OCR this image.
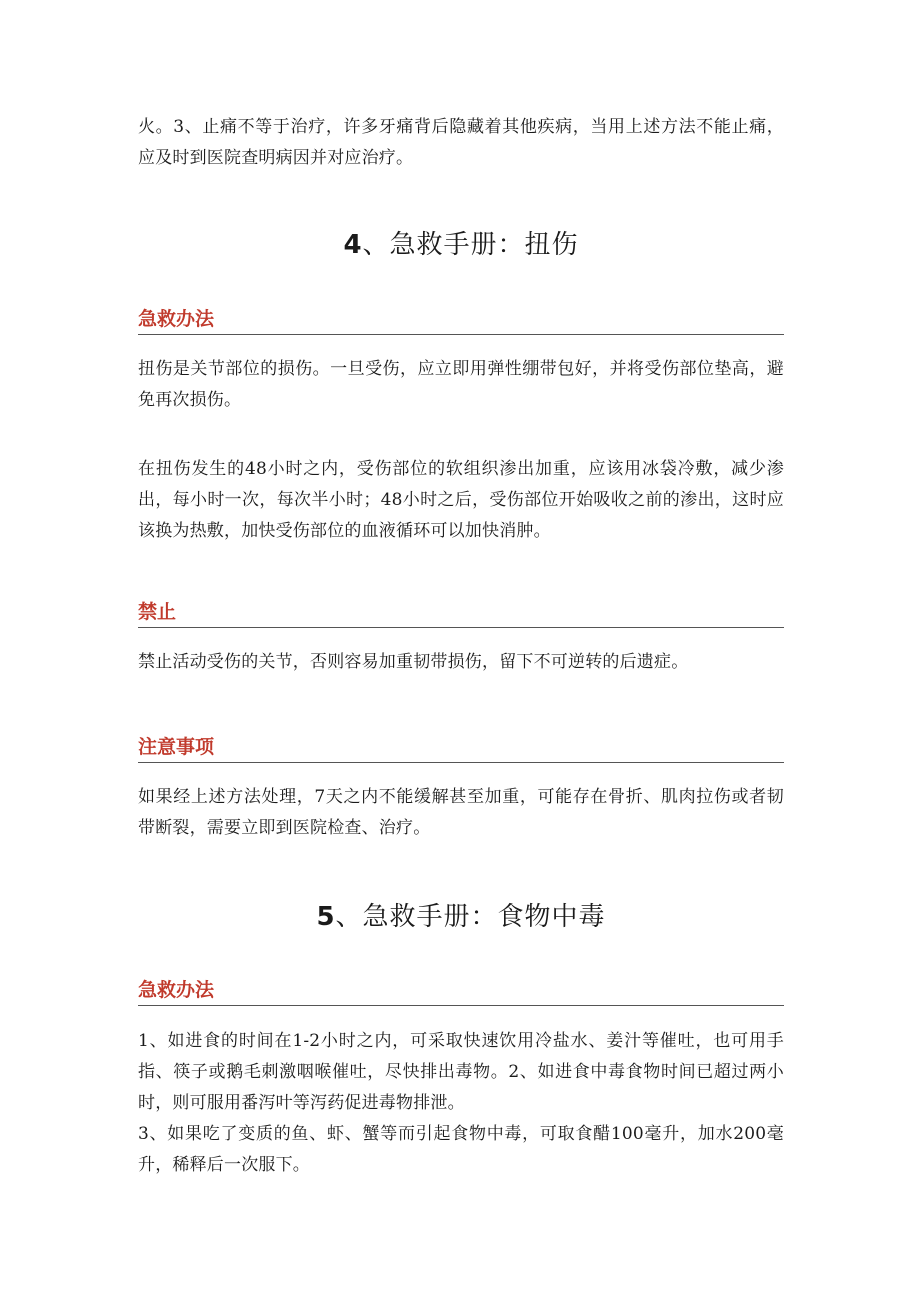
火。3、止痛不等于治疗，许多牙痛背后隐藏着其他疾病，当用上述方法不能止痛，应及时到医院查明病因并对应治疗。

4、急救手册：扭伤
急救办法

扭伤是关节部位的损伤。一旦受伤，应立即用弹性绷带包好，并将受伤部位垫高，避免再次损伤。

在扭伤发生的48小时之内，受伤部位的软组织渗出加重，应该用冰袋冷敷，减少渗出，每小时一次，每次半小时；48小时之后，受伤部位开始吸收之前的渗出，这时应该换为热敷，加快受伤部位的血液循环可以加快消肿。

禁止

禁止活动受伤的关节，否则容易加重韧带损伤，留下不可逆转的后遗症。

注意事项

如果经上述方法处理，7天之内不能缓解甚至加重，可能存在骨折、肌肉拉伤或者韧带断裂，需要立即到医院检查、治疗。

5、急救手册：食物中毒
急救办法

1、如进食的时间在1-2小时之内，可采取快速饮用冷盐水、姜汁等催吐，也可用手指、筷子或鹅毛刺激咽喉催吐，尽快排出毒物。2、如进食中毒食物时间已超过两小时，则可服用番泻叶等泻药促进毒物排泄。

3、如果吃了变质的鱼、虾、蟹等而引起食物中毒，可取食醋100毫升，加水200毫升，稀释后一次服下。
